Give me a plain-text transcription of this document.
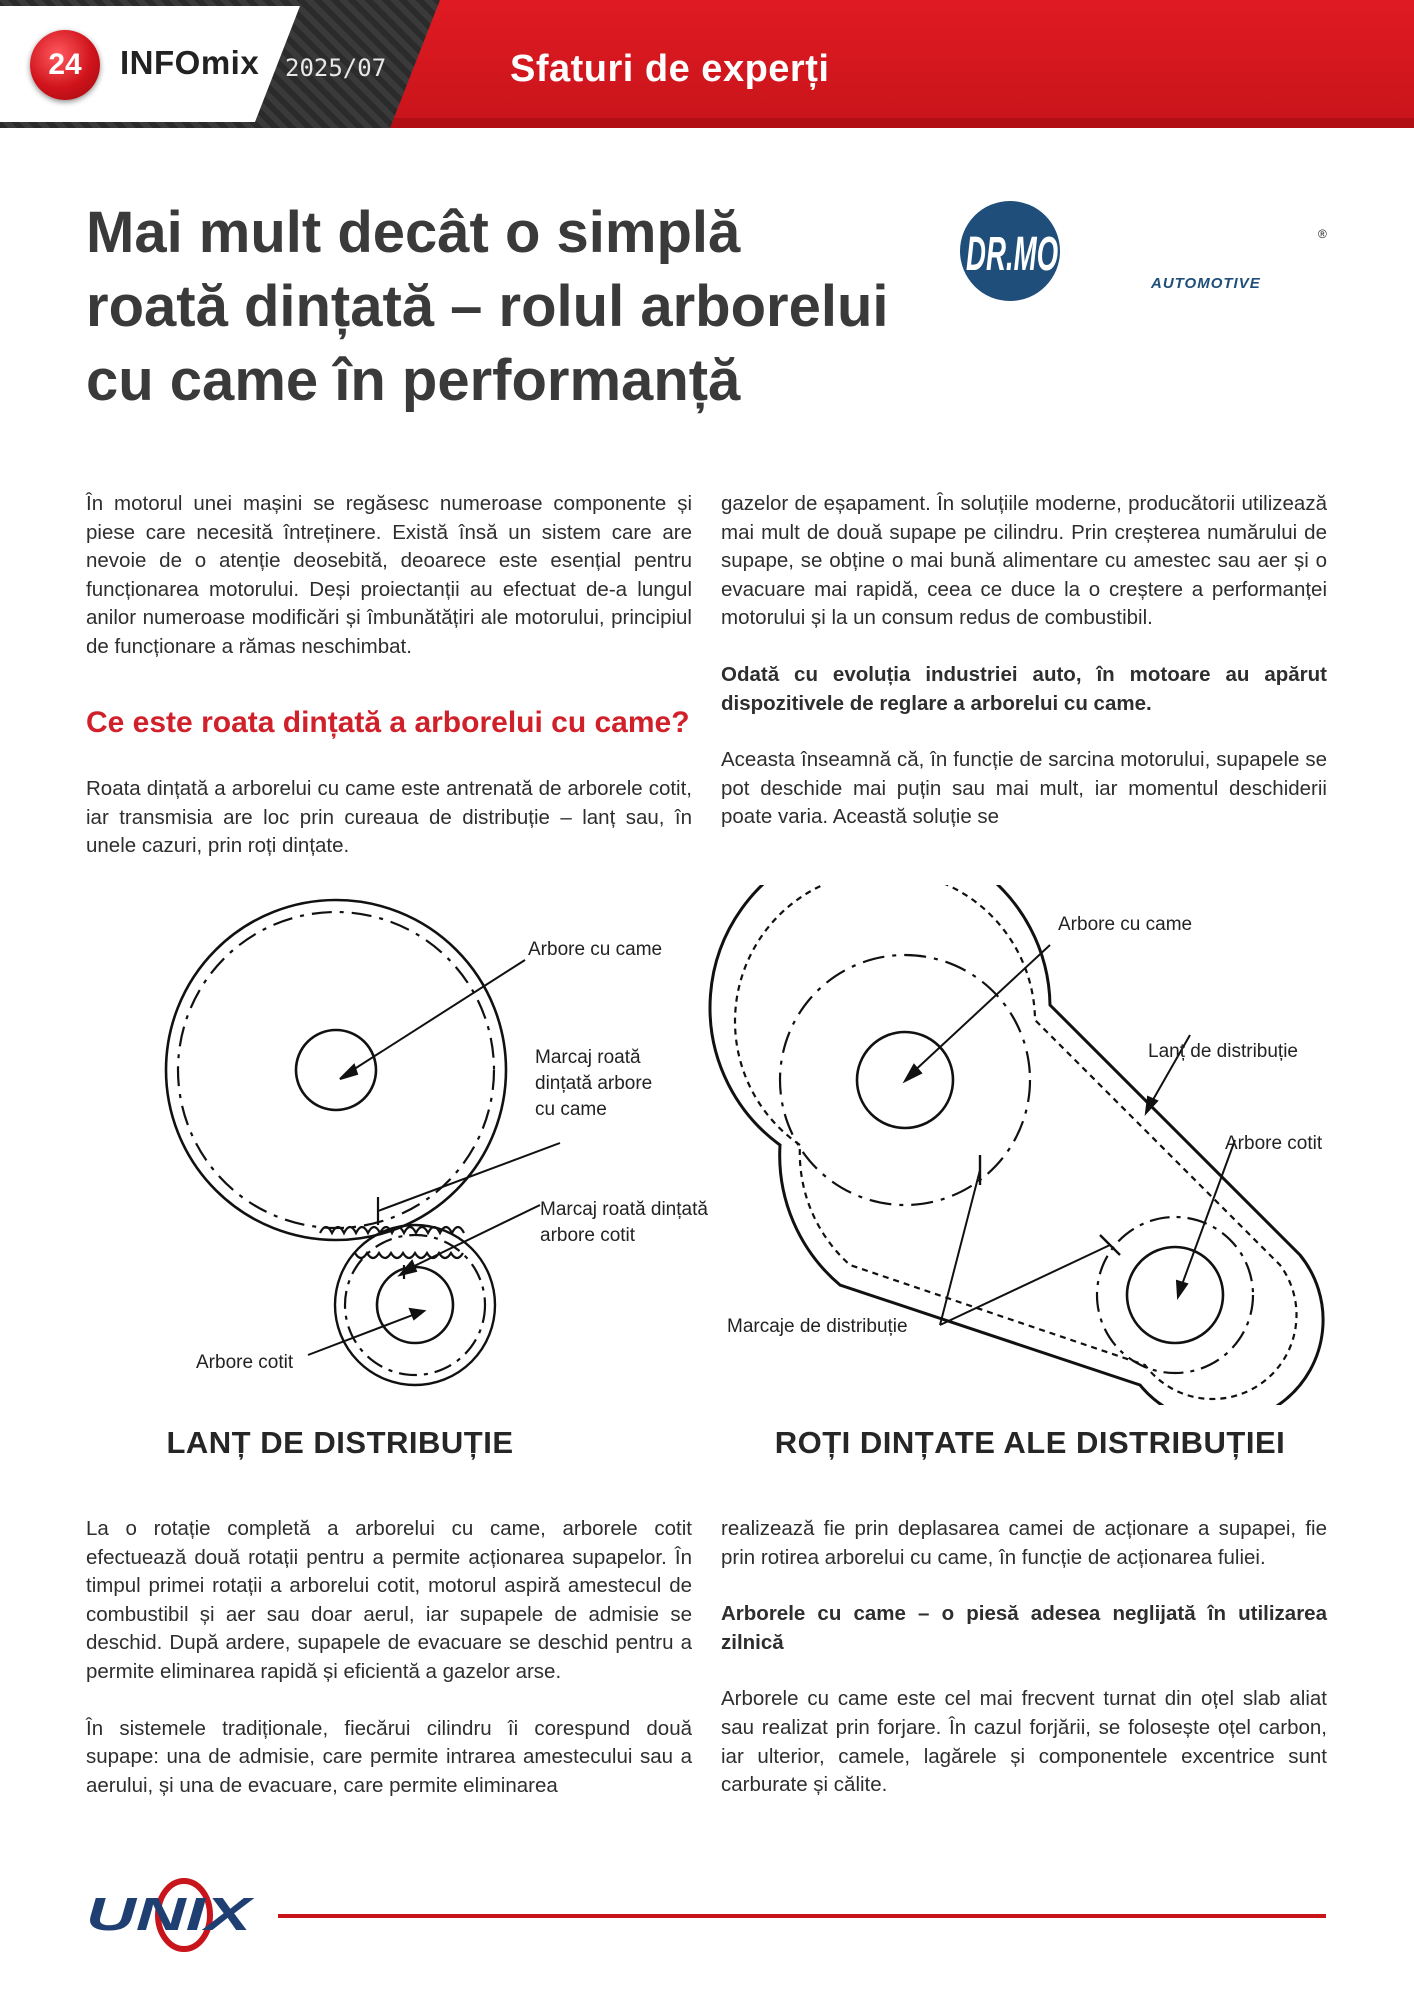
24	INFOmix 2025/07	Sfaturi de experți
Mai mult decât o simplă
roată dințată – rolul arborelui
cu came în performanță
DR.MOTOR	®
AUTOMOTIVE

În motorul unei mașini se regăsesc numeroase componente și piese care necesită întreținere. Există însă un sistem care are nevoie de o atenție deosebită, deoarece este esențial pentru funcționarea motorului. Deși proiectanții au efectuat de-a lungul anilor numeroase modificări și îmbunătățiri ale motorului, principiul de funcționare a rămas neschimbat.

Ce este roata dințată a arborelui cu came?

Roata dințată a arborelui cu came este antrenată de arborele cotit, iar transmisia are loc prin cureaua de distribuție – lanț sau, în unele cazuri, prin roți dințate.

gazelor de eșapament. În soluțiile moderne, producătorii utilizează mai mult de două supape pe cilindru. Prin creșterea numărului de supape, se obține o mai bună alimentare cu amestec sau aer și o evacuare mai rapidă, ceea ce duce la o creștere a performanței motorului și la un consum redus de combustibil.

Odată cu evoluția industriei auto, în motoare au apărut dispozitivele de reglare a arborelui cu came.

Aceasta înseamnă că, în funcție de sarcina motorului, supapele se pot deschide mai puțin sau mai mult, iar momentul deschiderii poate varia. Această soluție se

Arbore cu came
Marcaj roată
dințată arbore
cu came
Marcaj roată dințată
arbore cotit
Arbore cotit
Arbore cu came
Lanț de distribuție
Arbore cotit
Marcaje de distribuție
LANȚ DE DISTRIBUȚIE	ROȚI DINȚATE ALE DISTRIBUȚIEI

La o rotație completă a arborelui cu came, arborele cotit efectuează două rotații pentru a permite acționarea supapelor. În timpul primei rotații a arborelui cotit, motorul aspiră amestecul de combustibil și aer sau doar aerul, iar supapele de admisie se deschid. După ardere, supapele de evacuare se deschid pentru a permite eliminarea rapidă și eficientă a gazelor arse.

În sistemele tradiționale, fiecărui cilindru îi corespund două supape: una de admisie, care permite intrarea amestecului sau a aerului, și una de evacuare, care permite eliminarea

realizează fie prin deplasarea camei de acționare a supapei, fie prin rotirea arborelui cu came, în funcție de acționarea fuliei.

Arborele cu came – o piesă adesea neglijată în utilizarea zilnică

Arborele cu came este cel mai frecvent turnat din oțel slab aliat sau realizat prin forjare. În cazul forjării, se folosește oțel carbon, iar ulterior, camele, lagărele și componentele excentrice sunt carburate și călite.

UNIX
